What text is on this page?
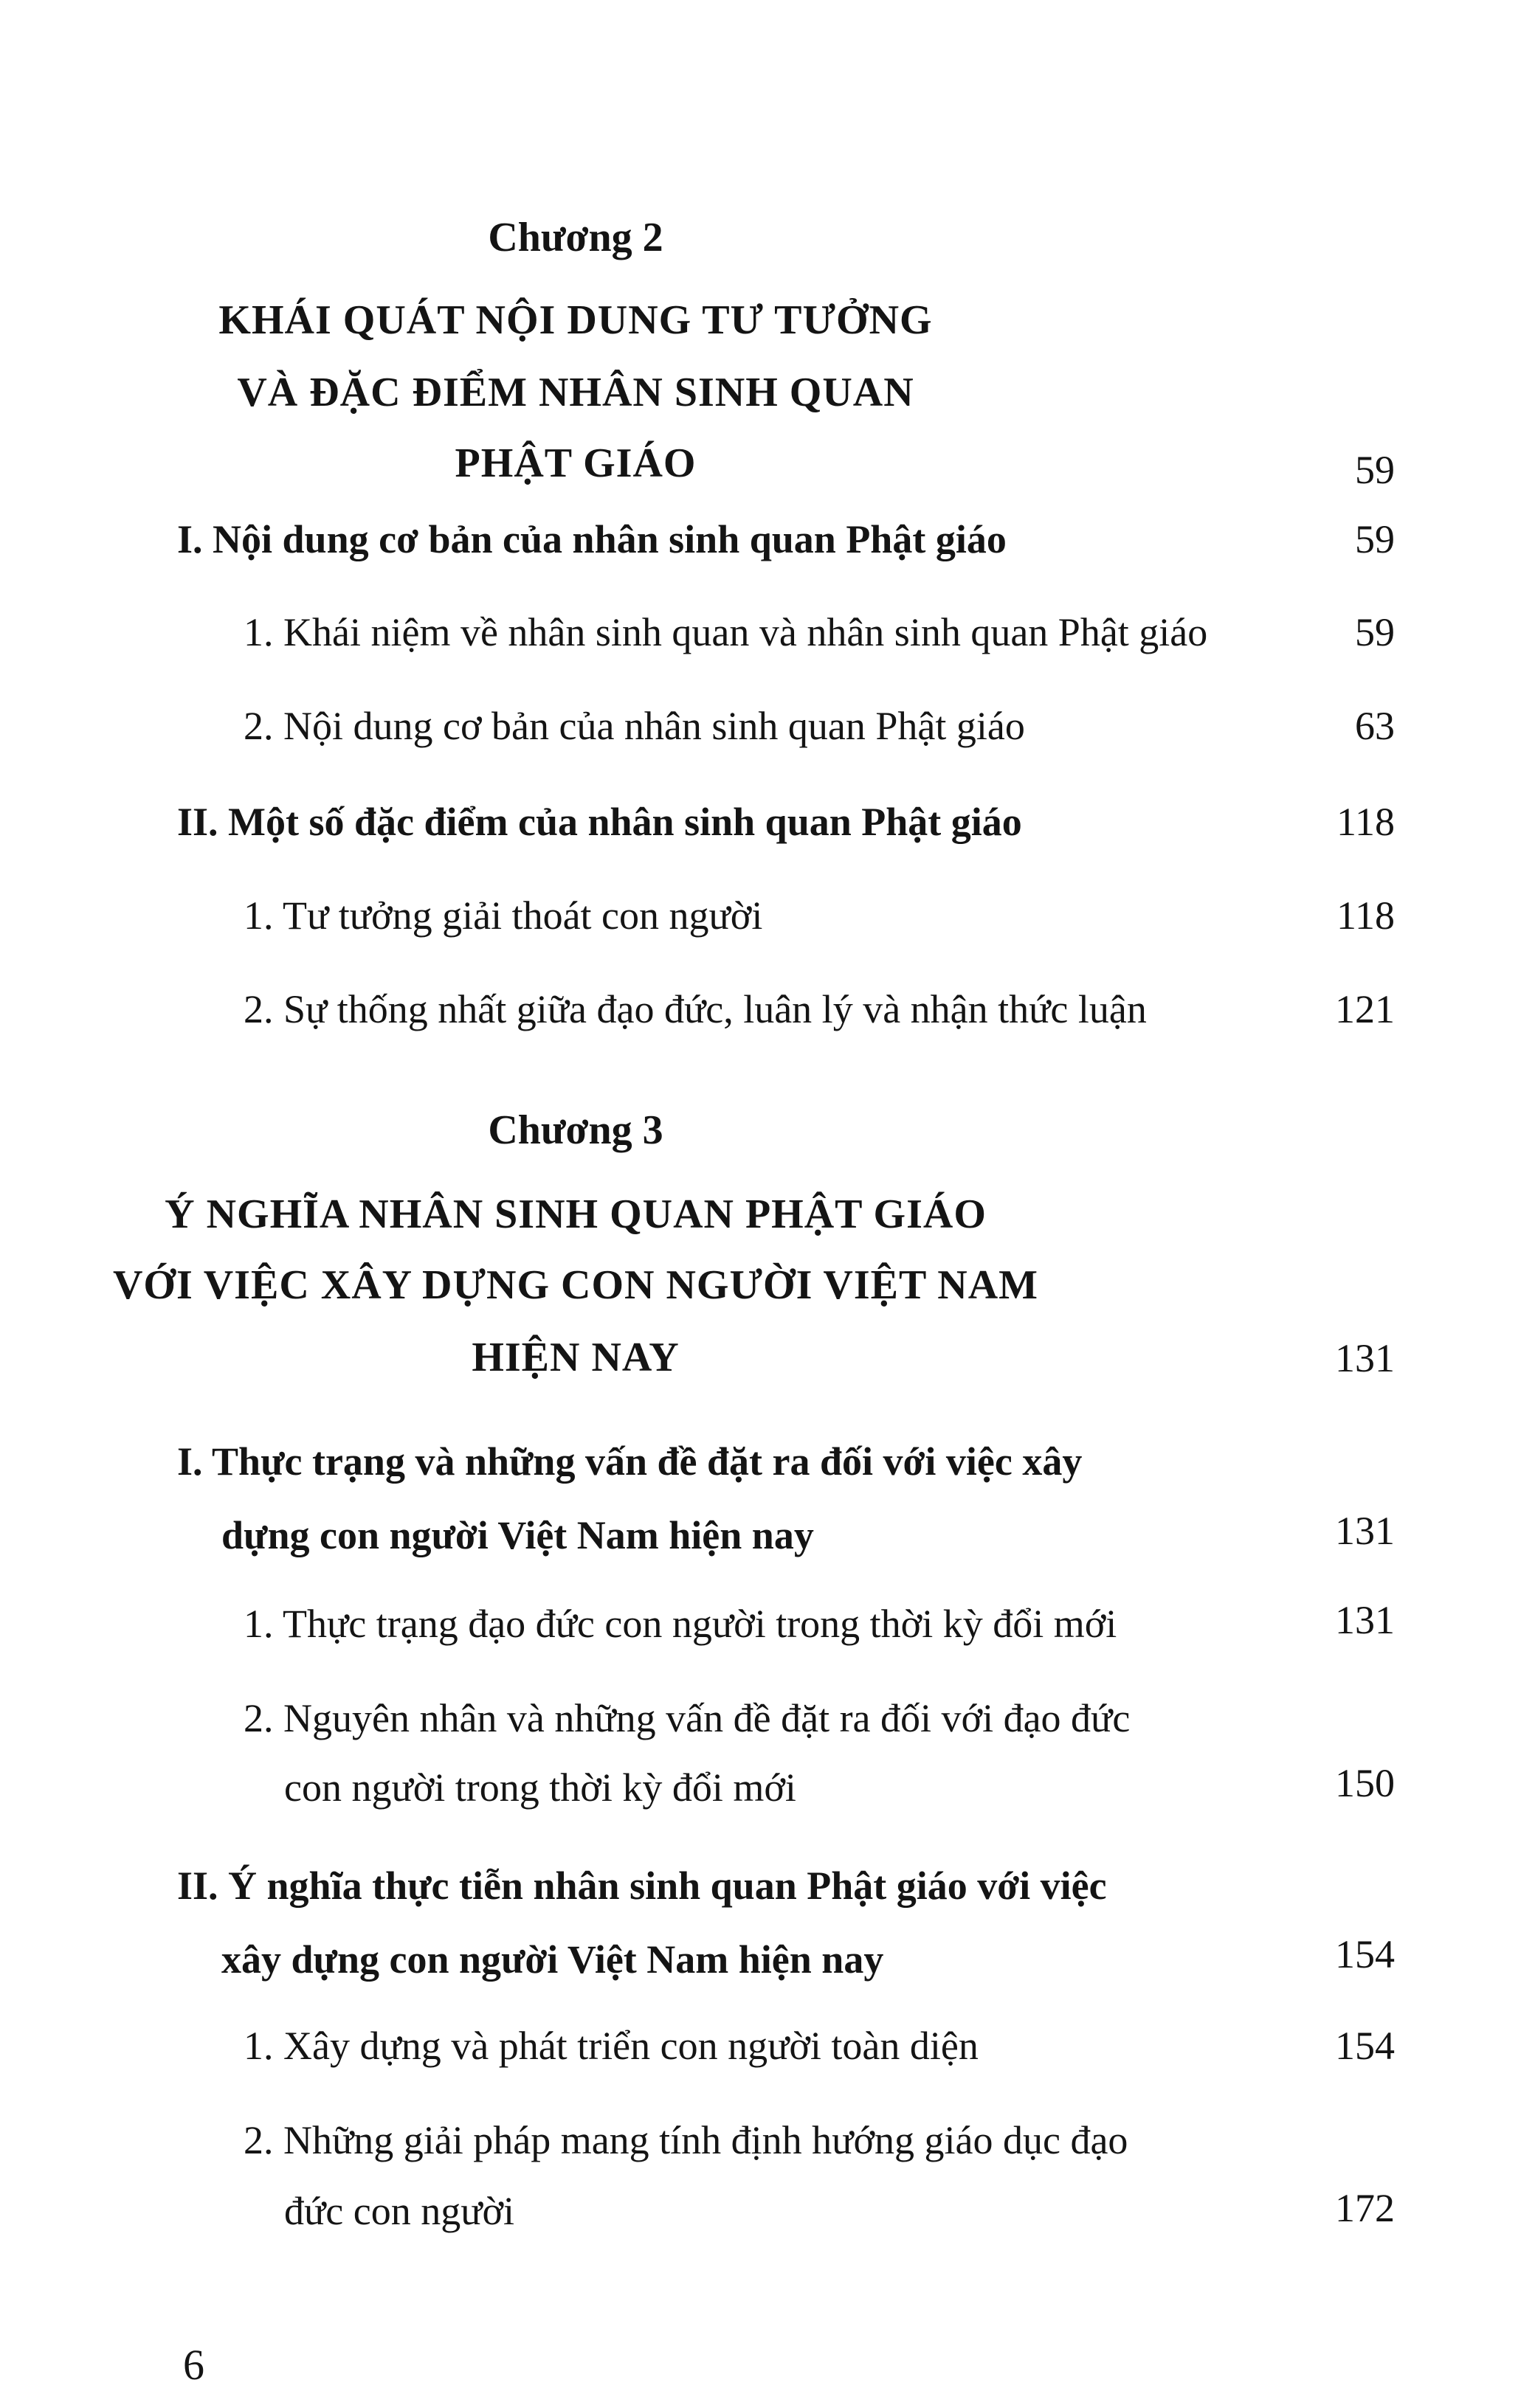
Chương 2
KHÁI QUÁT NỘI DUNG TƯ TƯỞNG
VÀ ĐẶC ĐIỂM NHÂN SINH QUAN
PHẬT GIÁO	59
I. Nội dung cơ bản của nhân sinh quan Phật giáo	59
1. Khái niệm về nhân sinh quan và nhân sinh quan Phật giáo	59
2. Nội dung cơ bản của nhân sinh quan Phật giáo	63
II. Một số đặc điểm của nhân sinh quan Phật giáo	118
1. Tư tưởng giải thoát con người	118
2. Sự thống nhất giữa đạo đức, luân lý và nhận thức luận	121
Chương 3
Ý NGHĨA NHÂN SINH QUAN PHẬT GIÁO
VỚI VIỆC XÂY DỰNG CON NGƯỜI VIỆT NAM
HIỆN NAY	131
I. Thực trạng và những vấn đề đặt ra đối với việc xây
dựng con người Việt Nam hiện nay	131
1. Thực trạng đạo đức con người trong thời kỳ đổi mới	131
2. Nguyên nhân và những vấn đề đặt ra đối với đạo đức
con người trong thời kỳ đổi mới	150
II. Ý nghĩa thực tiễn nhân sinh quan Phật giáo với việc
xây dựng con người Việt Nam hiện nay	154
1. Xây dựng và phát triển con người toàn diện	154
2. Những giải pháp mang tính định hướng giáo dục đạo
đức con người	172
6
